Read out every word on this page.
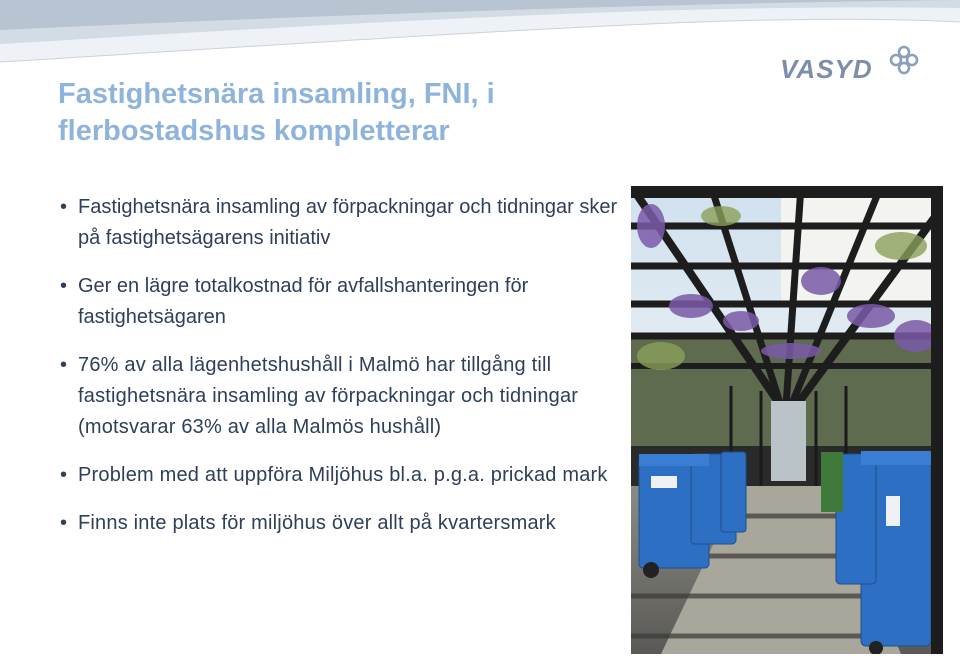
VASYD
Fastighetsnära insamling, FNI, i flerbostadshus kompletterar
• Fastighetsnära insamling av förpackningar och tidningar sker på fastighetsägarens initiativ
• Ger en lägre totalkostnad för avfallshanteringen för fastighetsägaren
• 76% av alla lägenhetshushåll i Malmö har tillgång till fastighetsnära insamling av förpackningar och tidningar (motsvarar 63% av alla Malmös hushåll)
• Problem med att uppföra Miljöhus bl.a. p.g.a. prickad mark
• Finns inte plats för miljöhus över allt på kvartersmark
